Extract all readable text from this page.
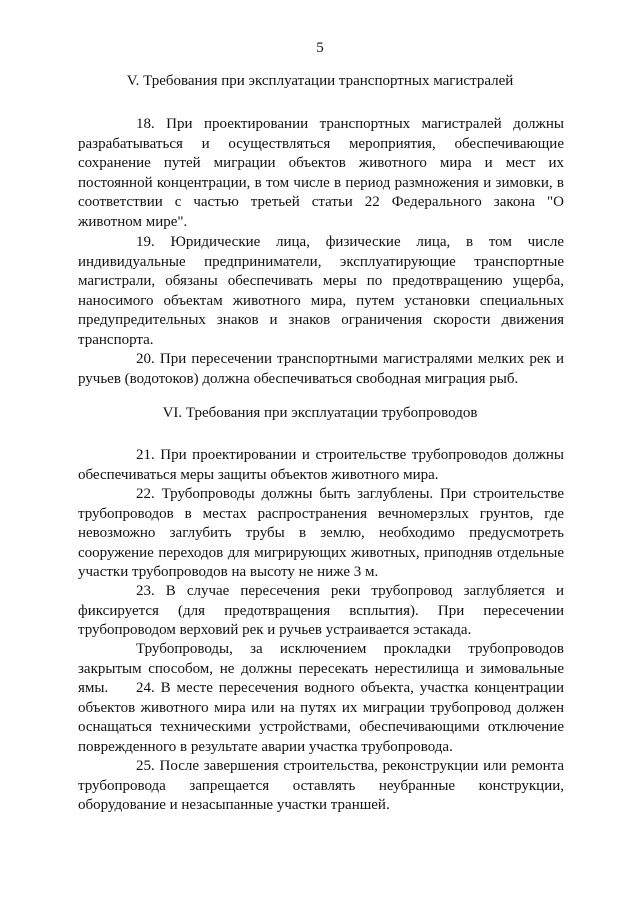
5
V. Требования при эксплуатации транспортных магистралей

18. При проектировании транспортных магистралей должны разрабатываться и осуществляться мероприятия, обеспечивающие сохранение путей миграции объектов животного мира и мест их постоянной концентрации, в том числе в период размножения и зимовки, в соответствии с частью третьей статьи 22 Федерального закона "О животном мире".

19. Юридические лица, физические лица, в том числе индивидуальные предприниматели, эксплуатирующие транспортные магистрали, обязаны обеспечивать меры по предотвращению ущерба, наносимого объектам животного мира, путем установки специальных предупредительных знаков и знаков ограничения скорости движения транспорта.

20. При пересечении транспортными магистралями мелких рек и ручьев (водотоков) должна обеспечиваться свободная миграция рыб.

VI. Требования при эксплуатации трубопроводов

21. При проектировании и строительстве трубопроводов должны обеспечиваться меры защиты объектов животного мира.

22. Трубопроводы должны быть заглублены. При строительстве трубопроводов в местах распространения вечномерзлых грунтов, где невозможно заглубить трубы в землю, необходимо предусмотреть сооружение переходов для мигрирующих животных, приподняв отдельные участки трубопроводов на высоту не ниже 3 м.

23. В случае пересечения реки трубопровод заглубляется и фиксируется (для предотвращения всплытия). При пересечении трубопроводом верховий рек и ручьев устраивается эстакада.

Трубопроводы, за исключением прокладки трубопроводов закрытым способом, не должны пересекать нерестилища и зимовальные ямы.	24. В месте пересечения водного объекта, участка концентрации объектов животного мира или на путях их миграции трубопровод должен оснащаться техническими устройствами, обеспечивающими отключение поврежденного в результате аварии участка трубопровода.

25. После завершения строительства, реконструкции или ремонта трубопровода запрещается оставлять неубранные конструкции, оборудование и незасыпанные участки траншей.
